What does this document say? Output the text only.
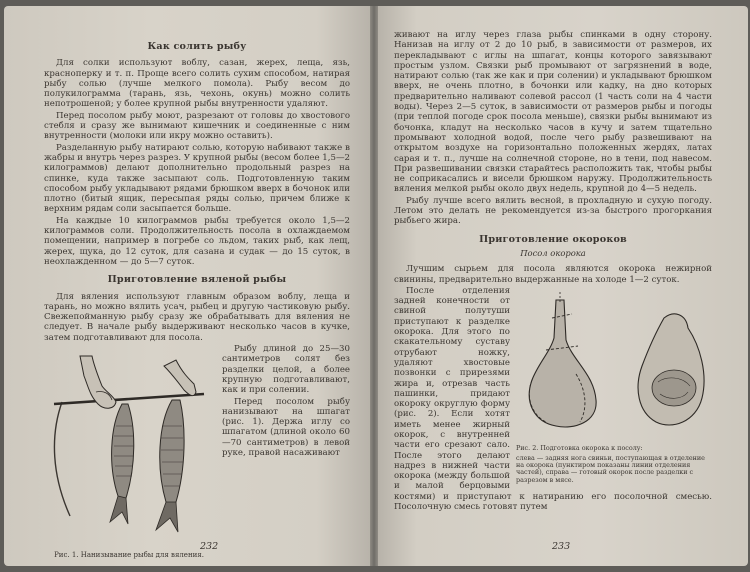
Как солить рыбу

Для солки используют воблу, сазан, жерех, леща, язь, красноперку и т. п. Проще всего солить сухим способом, натирая рыбу солью (лучше мелкого помола). Рыбу весом до полукилограмма (тарань, язь, чехонь, окунь) можно солить непотрошеной; у более крупной рыбы внутренности удаляют.

Перед посолом рыбу моют, разрезают от головы до хвостового стебля и сразу же вынимают кишечник и соединенные с ним внутренности (молоки или икру можно оставить).

Разделанную рыбу натирают солью, которую набивают также в жабры и внутрь через разрез. У крупной рыбы (весом более 1,5—2 килограммов) делают дополнительно продольный разрез на спинке, куда также засыпают соль. Подготовленную таким способом рыбу укладывают рядами брюшком вверх в бочонок или плотно (битый ящик, пересыпая ряды солью, причем ближе к верхним рядам соли засыпается больше.

На каждые 10 килограммов рыбы требуется около 1,5—2 килограммов соли. Продолжительность посола в охлаждаемом помещении, например в погребе со льдом, таких рыб, как лещ, жерех, щука, до 12 суток, для сазана и судак — до 15 суток, в неохлажденном — до 5—7 суток.

Приготовление вяленой рыбы

Для вяления используют главным образом воблу, леща и тарань, но можно вялить усач, рыбец и другую частиковую рыбу. Свежепойманную рыбу сразу же обрабатывать для вяления не следует. В начале рыбу выдерживают несколько часов в кучке, затем подготавливают для посола.

Рис. 1. Нанизывание рыбы для вяления.

Рыбу длиной до 25—30 сантиметров солят без разделки целой, а более крупную подготавливают, как и при солении.

Перед посолом рыбу нанизывают на шпагат (рис. 1). Держа иглу со шпагатом (длиной около 60—70 сантиметров) в левой руке, правой насаживают

232

живают на иглу через глаза рыбы спинками в одну сторону. Нанизав на иглу от 2 до 10 рыб, в зависимости от размеров, их перекладывают с иглы на шпагат, концы которого завязывают простым узлом. Связки рыб промывают от загрязнений в воде, натирают солью (так же как и при солении) и укладывают брюшком вверх, не очень плотно, в бочонки или кадку, на дно которых предварительно наливают солевой рассол (1 часть соли на 4 части воды). Через 2—5 суток, в зависимости от размеров рыбы и погоды (при теплой погоде срок посола меньше), связки рыбы вынимают из бочонка, кладут на несколько часов в кучу и затем тщательно промывают холодной водой, после чего рыбу развешивают на открытом воздухе на горизонтально положенных жердях, латах сарая и т. п., лучше на солнечной стороне, но в тени, под навесом. При развешивании связки старайтесь расположить так, чтобы рыбы не соприкасались и висели брюшком наружу. Продолжительность вяления мелкой рыбы около двух недель, крупной до 4—5 недель.

Рыбу лучше всего вялить весной, в прохладную и сухую погоду. Летом это делать не рекомендуется из-за быстрого прогоркания рыбьего жира.

Приготовление окороков
Посол окорока

Лучшим сырьем для посола являются окорока нежирной свинины, предварительно выдержанные на холоде 1—2 суток.

Рис. 2. Подготовка окорока к посолу:
слева — задняя нога свиньи, поступающая в отделение на окорока (пунктиром показаны линии отделения частей), справа — готовый окорок после разделки с разрезом в мясе.

После отделения задней конечности от свиной полутуши приступают к разделке окорока. Для этого по скакательному суставу отрубают ножку, удаляют хвостовые позвонки с прирезями жира и, отрезав часть пашинки, придают окороку округлую форму (рис. 2). Если хотят иметь менее жирный окорок, с внутренней части его срезают сало. После этого делают надрез в нижней части окорока (между большой и малой берцовыми костями) и приступают к натиранию его посолочной смесью. Посолочную смесь готовят путем

233
